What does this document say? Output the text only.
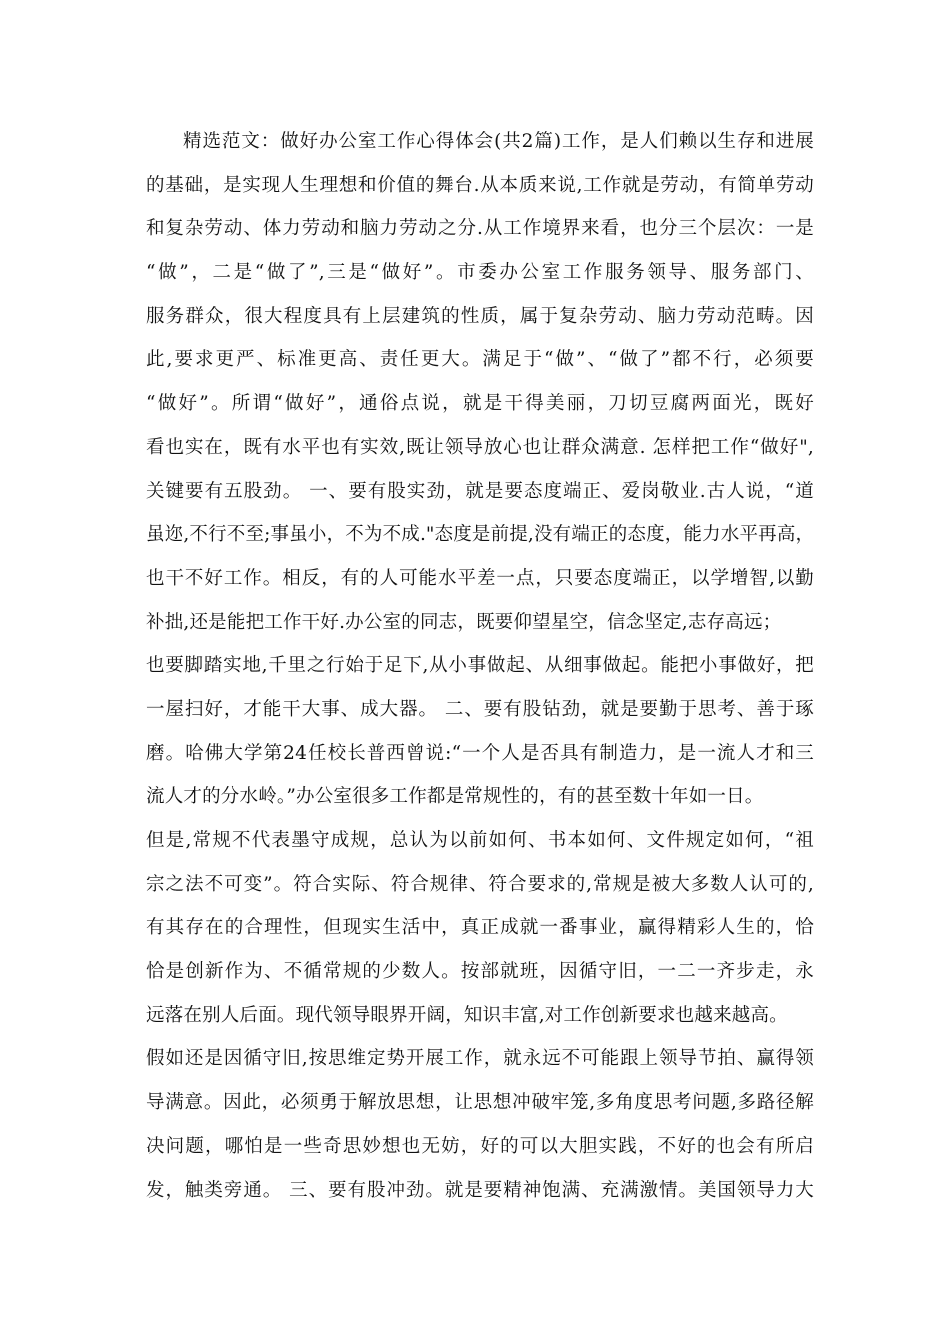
精选范文：做好办公室工作心得体会(共2篇)工作，是人们赖以生存和进展
的基础，是实现人生理想和价值的舞台.从本质来说,工作就是劳动，有简单劳动
和复杂劳动、体力劳动和脑力劳动之分.从工作境界来看，也分三个层次：一是
“做”，二是“做了”,三是“做好”。市委办公室工作服务领导、服务部门、
服务群众，很大程度具有上层建筑的性质，属于复杂劳动、脑力劳动范畴。因
此,要求更严、标准更高、责任更大。满足于“做”、“做了”都不行，必须要
“做好”。所谓“做好”，通俗点说，就是干得美丽，刀切豆腐两面光，既好
看也实在，既有水平也有实效,既让领导放心也让群众满意. 怎样把工作“做好",
关键要有五股劲。 一、要有股实劲，就是要态度端正、爱岗敬业.古人说，“道
虽迩,不行不至;事虽小，不为不成."态度是前提,没有端正的态度，能力水平再高，
也干不好工作。相反，有的人可能水平差一点，只要态度端正，以学增智,以勤
补拙,还是能把工作干好.办公室的同志，既要仰望星空，信念坚定,志存高远；
也要脚踏实地,千里之行始于足下,从小事做起、从细事做起。能把小事做好，把
一屋扫好，才能干大事、成大器。 二、要有股钻劲，就是要勤于思考、善于琢
磨。哈佛大学第24任校长普西曾说:“一个人是否具有制造力，是一流人才和三
流人才的分水岭。”办公室很多工作都是常规性的，有的甚至数十年如一日。
但是,常规不代表墨守成规，总认为以前如何、书本如何、文件规定如何，“祖
宗之法不可变”。符合实际、符合规律、符合要求的,常规是被大多数人认可的,
有其存在的合理性，但现实生活中，真正成就一番事业，赢得精彩人生的，恰
恰是创新作为、不循常规的少数人。按部就班，因循守旧，一二一齐步走，永
远落在别人后面。现代领导眼界开阔，知识丰富,对工作创新要求也越来越高。
假如还是因循守旧,按思维定势开展工作，就永远不可能跟上领导节拍、赢得领
导满意。因此，必须勇于解放思想，让思想冲破牢笼,多角度思考问题,多路径解
决问题，哪怕是一些奇思妙想也无妨，好的可以大胆实践，不好的也会有所启
发，触类旁通。 三、要有股冲劲。就是要精神饱满、充满激情。美国领导力大
